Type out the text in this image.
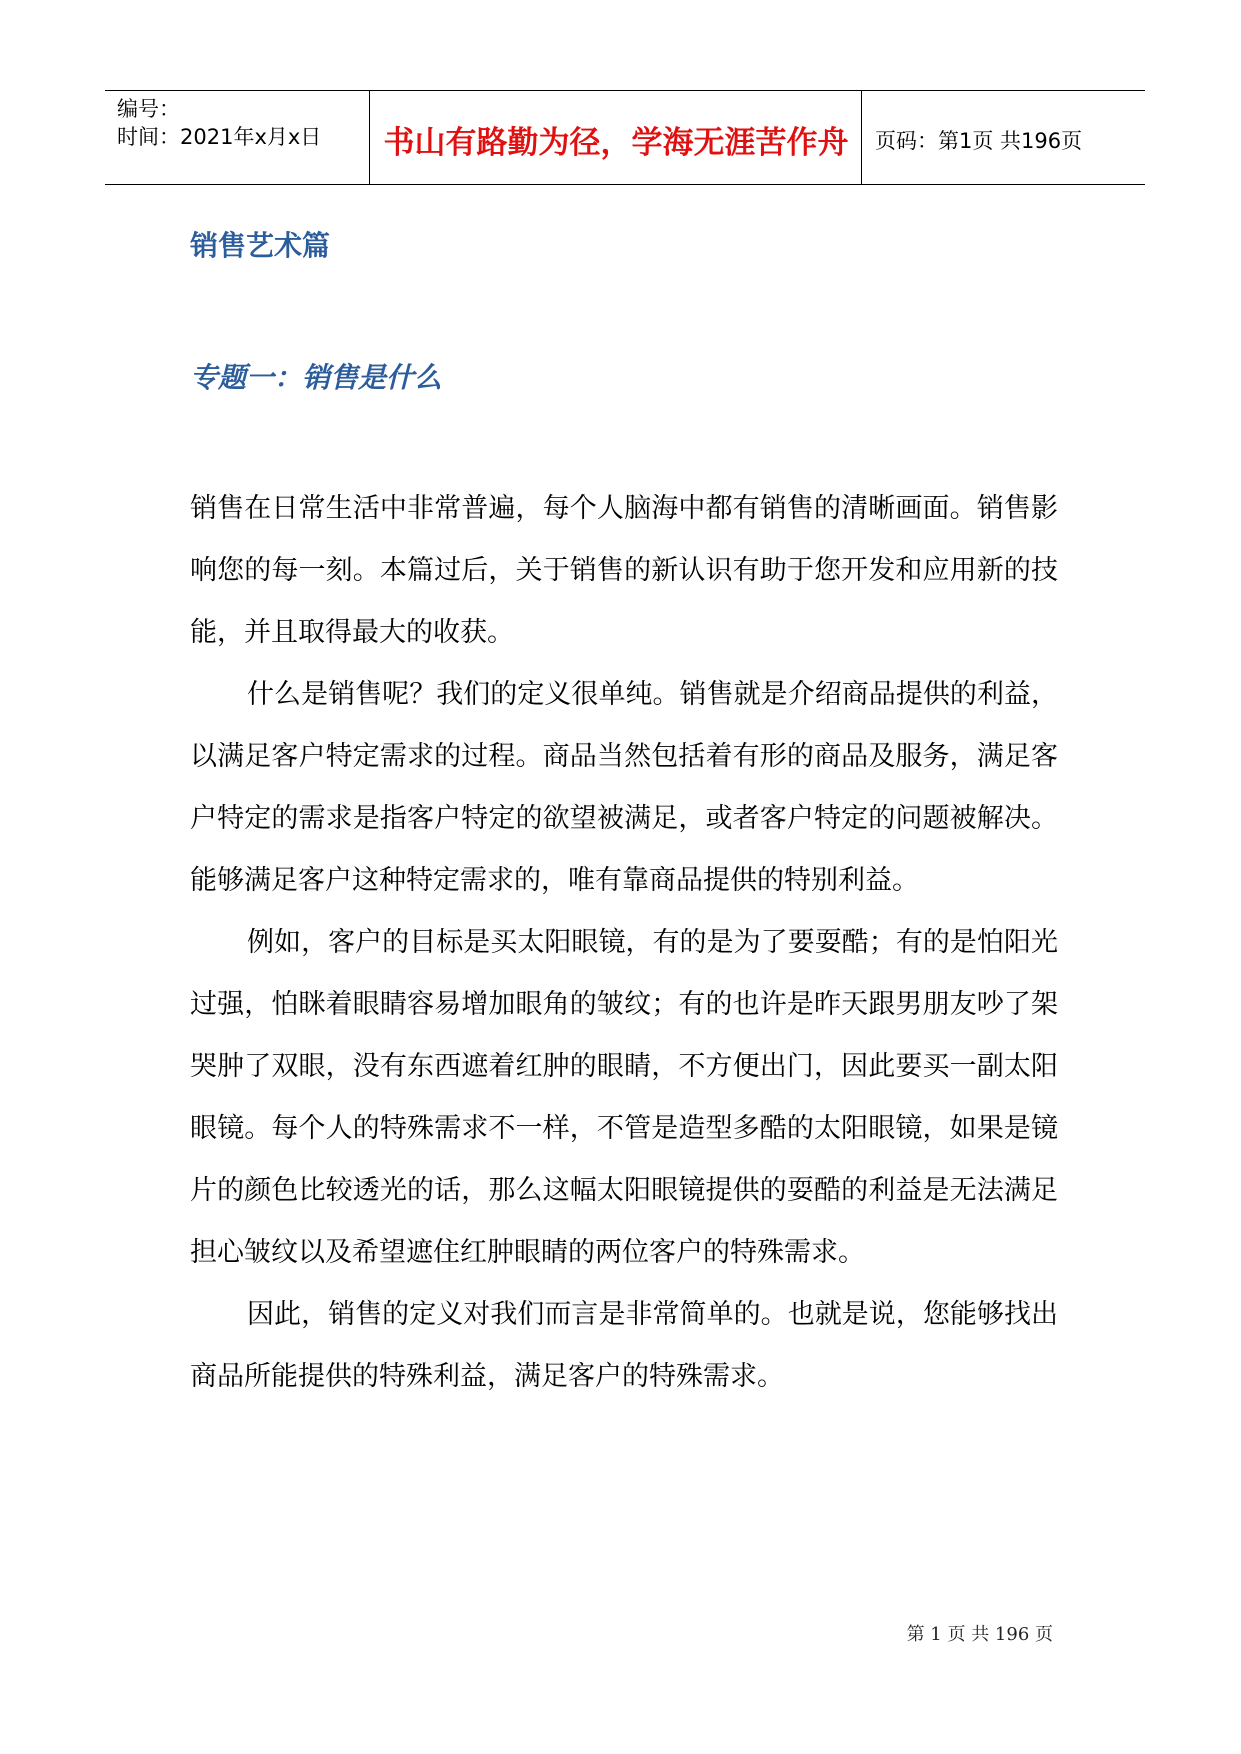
编号：
时间：2021年x月x日	书山有路勤为径，学海无涯苦作舟	页码：第1页 共196页
销售艺术篇
专题一：销售是什么

销售在日常生活中非常普遍，每个人脑海中都有销售的清晰画面。销售影响您的每一刻。本篇过后，关于销售的新认识有助于您开发和应用新的技能，并且取得最大的收获。

什么是销售呢？我们的定义很单纯。销售就是介绍商品提供的利益，以满足客户特定需求的过程。商品当然包括着有形的商品及服务，满足客户特定的需求是指客户特定的欲望被满足，或者客户特定的问题被解决。能够满足客户这种特定需求的，唯有靠商品提供的特别利益。

例如，客户的目标是买太阳眼镜，有的是为了要耍酷；有的是怕阳光过强，怕眯着眼睛容易增加眼角的皱纹；有的也许是昨天跟男朋友吵了架哭肿了双眼，没有东西遮着红肿的眼睛，不方便出门，因此要买一副太阳眼镜。每个人的特殊需求不一样，不管是造型多酷的太阳眼镜，如果是镜片的颜色比较透光的话，那么这幅太阳眼镜提供的耍酷的利益是无法满足担心皱纹以及希望遮住红肿眼睛的两位客户的特殊需求。

因此，销售的定义对我们而言是非常简单的。也就是说，您能够找出商品所能提供的特殊利益，满足客户的特殊需求。

第 1 页 共 196 页
